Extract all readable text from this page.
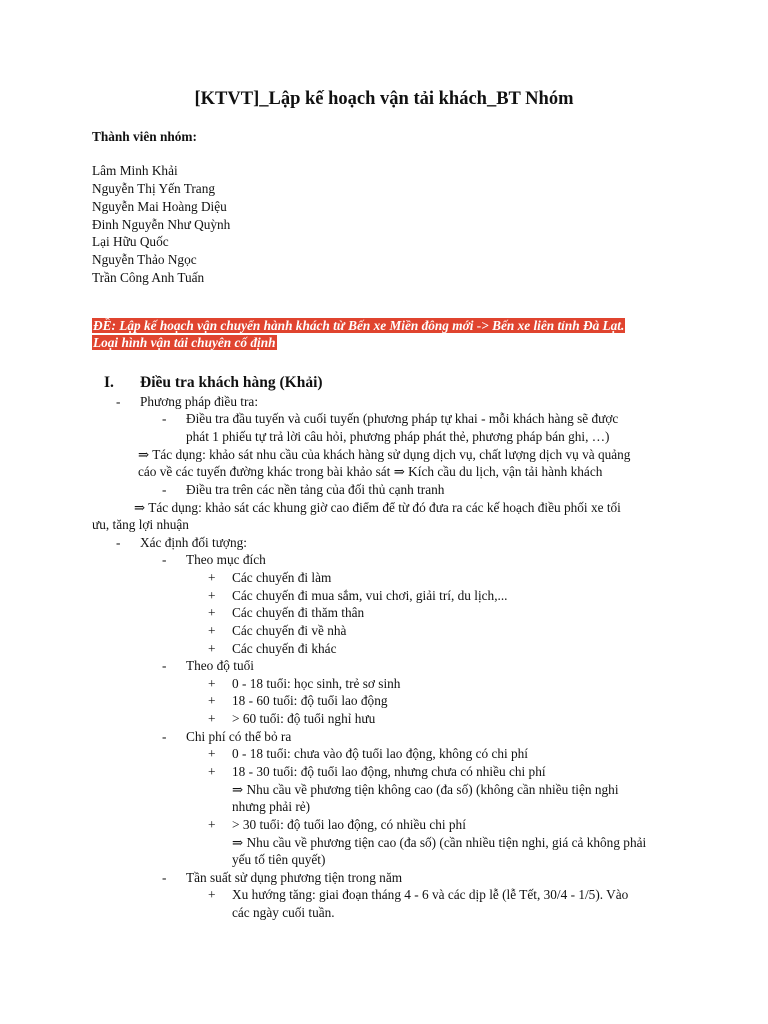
[KTVT]_Lập kế hoạch vận tải khách_BT Nhóm
Thành viên nhóm:
Lâm Minh Khải
Nguyễn Thị Yến Trang
Nguyễn Mai Hoàng Diệu
Đinh Nguyễn Như Quỳnh
Lại Hữu Quốc
Nguyễn Thảo Ngọc
Trần Công Anh Tuấn
ĐỀ: Lập kế hoạch vận chuyển hành khách từ Bến xe Miền đông mới -> Bến xe liên tỉnh Đà Lạt.
Loại hình vận tải chuyên cố định
I. Điều tra khách hàng (Khải)
-
-
-
-
-
+
+
+
+
+
-
+
+
+
-
+
+
+
-
+
Phương pháp điều tra:
Điều tra đầu tuyến và cuối tuyến (phương pháp tự khai - mỗi khách hàng sẽ được
phát 1 phiếu tự trả lời câu hỏi, phương pháp phát thẻ, phương pháp bán ghi, …)
⇒ Tác dụng: khảo sát nhu cầu của khách hàng sử dụng dịch vụ, chất lượng dịch vụ và quảng
cáo về các tuyến đường khác trong bài khảo sát ⇒ Kích cầu du lịch, vận tải hành khách
Điều tra trên các nền tảng của đối thủ cạnh tranh
⇒ Tác dụng: khảo sát các khung giờ cao điểm để từ đó đưa ra các kế hoạch điều phối xe tối
ưu, tăng lợi nhuận
Xác định đối tượng:
Theo mục đích
Các chuyến đi làm
Các chuyến đi mua sắm, vui chơi, giải trí, du lịch,...
Các chuyến đi thăm thân
Các chuyến đi về nhà
Các chuyến đi khác
Theo độ tuổi
0 - 18 tuổi: học sinh, trẻ sơ sinh
18 - 60 tuổi: độ tuổi lao động
> 60 tuổi: độ tuổi nghỉ hưu
Chi phí có thể bỏ ra
0 - 18 tuổi: chưa vào độ tuổi lao động, không có chi phí
18 - 30 tuổi: độ tuổi lao động, nhưng chưa có nhiều chi phí
⇒ Nhu cầu về phương tiện không cao (đa số) (không cần nhiều tiện nghi
nhưng phải rẻ)
> 30 tuổi: độ tuổi lao động, có nhiều chi phí
⇒ Nhu cầu về phương tiện cao (đa số) (cần nhiều tiện nghi, giá cả không phải
yếu tố tiên quyết)
Tần suất sử dụng phương tiện trong năm
Xu hướng tăng: giai đoạn tháng 4 - 6 và các dịp lễ (lễ Tết, 30/4 - 1/5). Vào
các ngày cuối tuần.
